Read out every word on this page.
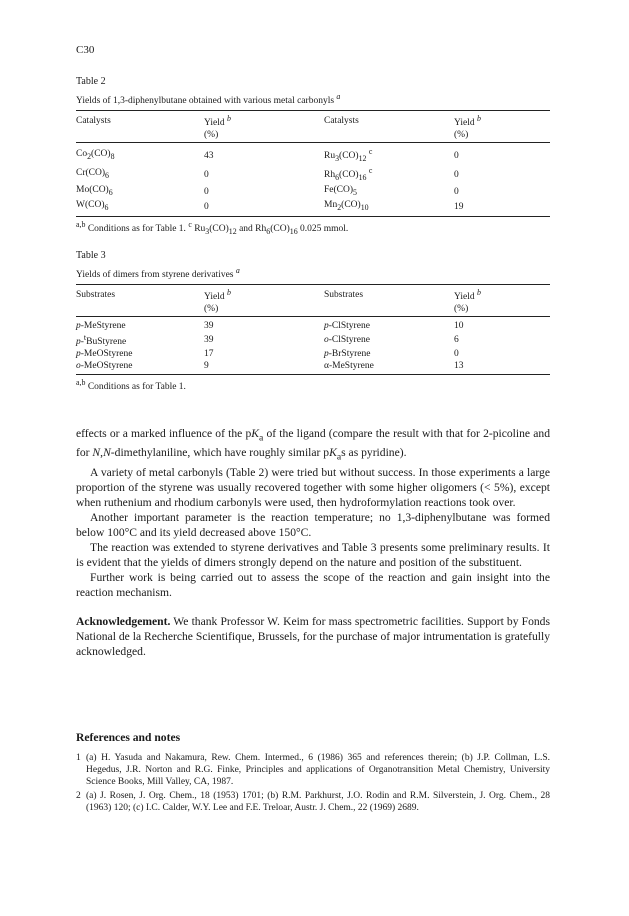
C30
Table 2
Yields of 1,3-diphenylbutane obtained with various metal carbonyls $^a$
Catalysts	Yield $^b$	Catalysts	Yield $^b$
	(%)		(%)
$Co_2(CO)_8$	43	$Ru_3(CO)_{12}$ $^c$	0
$Cr(CO)_6$	0	$Rh_6(CO)_{16}$ $^c$	0
$Mo(CO)_6$	0	$Fe(CO)_5$	0
$W(CO)_6$	0	$Mn_2(CO)_{10}$	19
$^{a,b}$ Conditions as for Table 1. $^c$ $Ru_3(CO)_{12}$ and $Rh_6(CO)_{16}$ 0.025 mmol.
Table 3
Yields of dimers from styrene derivatives $^a$
Substrates	Yield $^b$	Substrates	Yield $^b$
	(%)		(%)
p-MeStyrene	39	p-ClStyrene	10
p-$^t$BuStyrene	39	o-ClStyrene	6
p-MeOStyrene	17	p-BrStyrene	0
o-MeOStyrene	9	α-MeStyrene	13
$^{a,b}$ Conditions as for Table 1.

effects or a marked influence of the $pK_a$ of the ligand (compare the result with that for 2-picoline and for N,N-dimethylaniline, which have roughly similar $pK_as$ as pyridine).

A variety of metal carbonyls (Table 2) were tried but without success. In those experiments a large proportion of the styrene was usually recovered together with some higher oligomers (< 5%), except when ruthenium and rhodium carbonyls were used, then hydroformylation reactions took over.

Another important parameter is the reaction temperature; no 1,3-diphenylbutane was formed below 100°C and its yield decreased above 150°C.

The reaction was extended to styrene derivatives and Table 3 presents some preliminary results. It is evident that the yields of dimers strongly depend on the nature and position of the substituent.

Further work is being carried out to assess the scope of the reaction and gain insight into the reaction mechanism.

Acknowledgement. We thank Professor W. Keim for mass spectrometric facilities. Support by Fonds National de la Recherche Scientifique, Brussels, for the purchase of major intrumentation is gratefully acknowledged.

References and notes
1 (a) H. Yasuda and Nakamura, Rew. Chem. Intermed., 6 (1986) 365 and references therein; (b) J.P. Collman, L.S. Hegedus, J.R. Norton and R.G. Finke, Principles and applications of Organotransition Metal Chemistry, University Science Books, Mill Valley, CA, 1987.
2 (a) J. Rosen, J. Org. Chem., 18 (1953) 1701; (b) R.M. Parkhurst, J.O. Rodin and R.M. Silverstein, J. Org. Chem., 28 (1963) 120; (c) I.C. Calder, W.Y. Lee and F.E. Treloar, Austr. J. Chem., 22 (1969) 2689.
